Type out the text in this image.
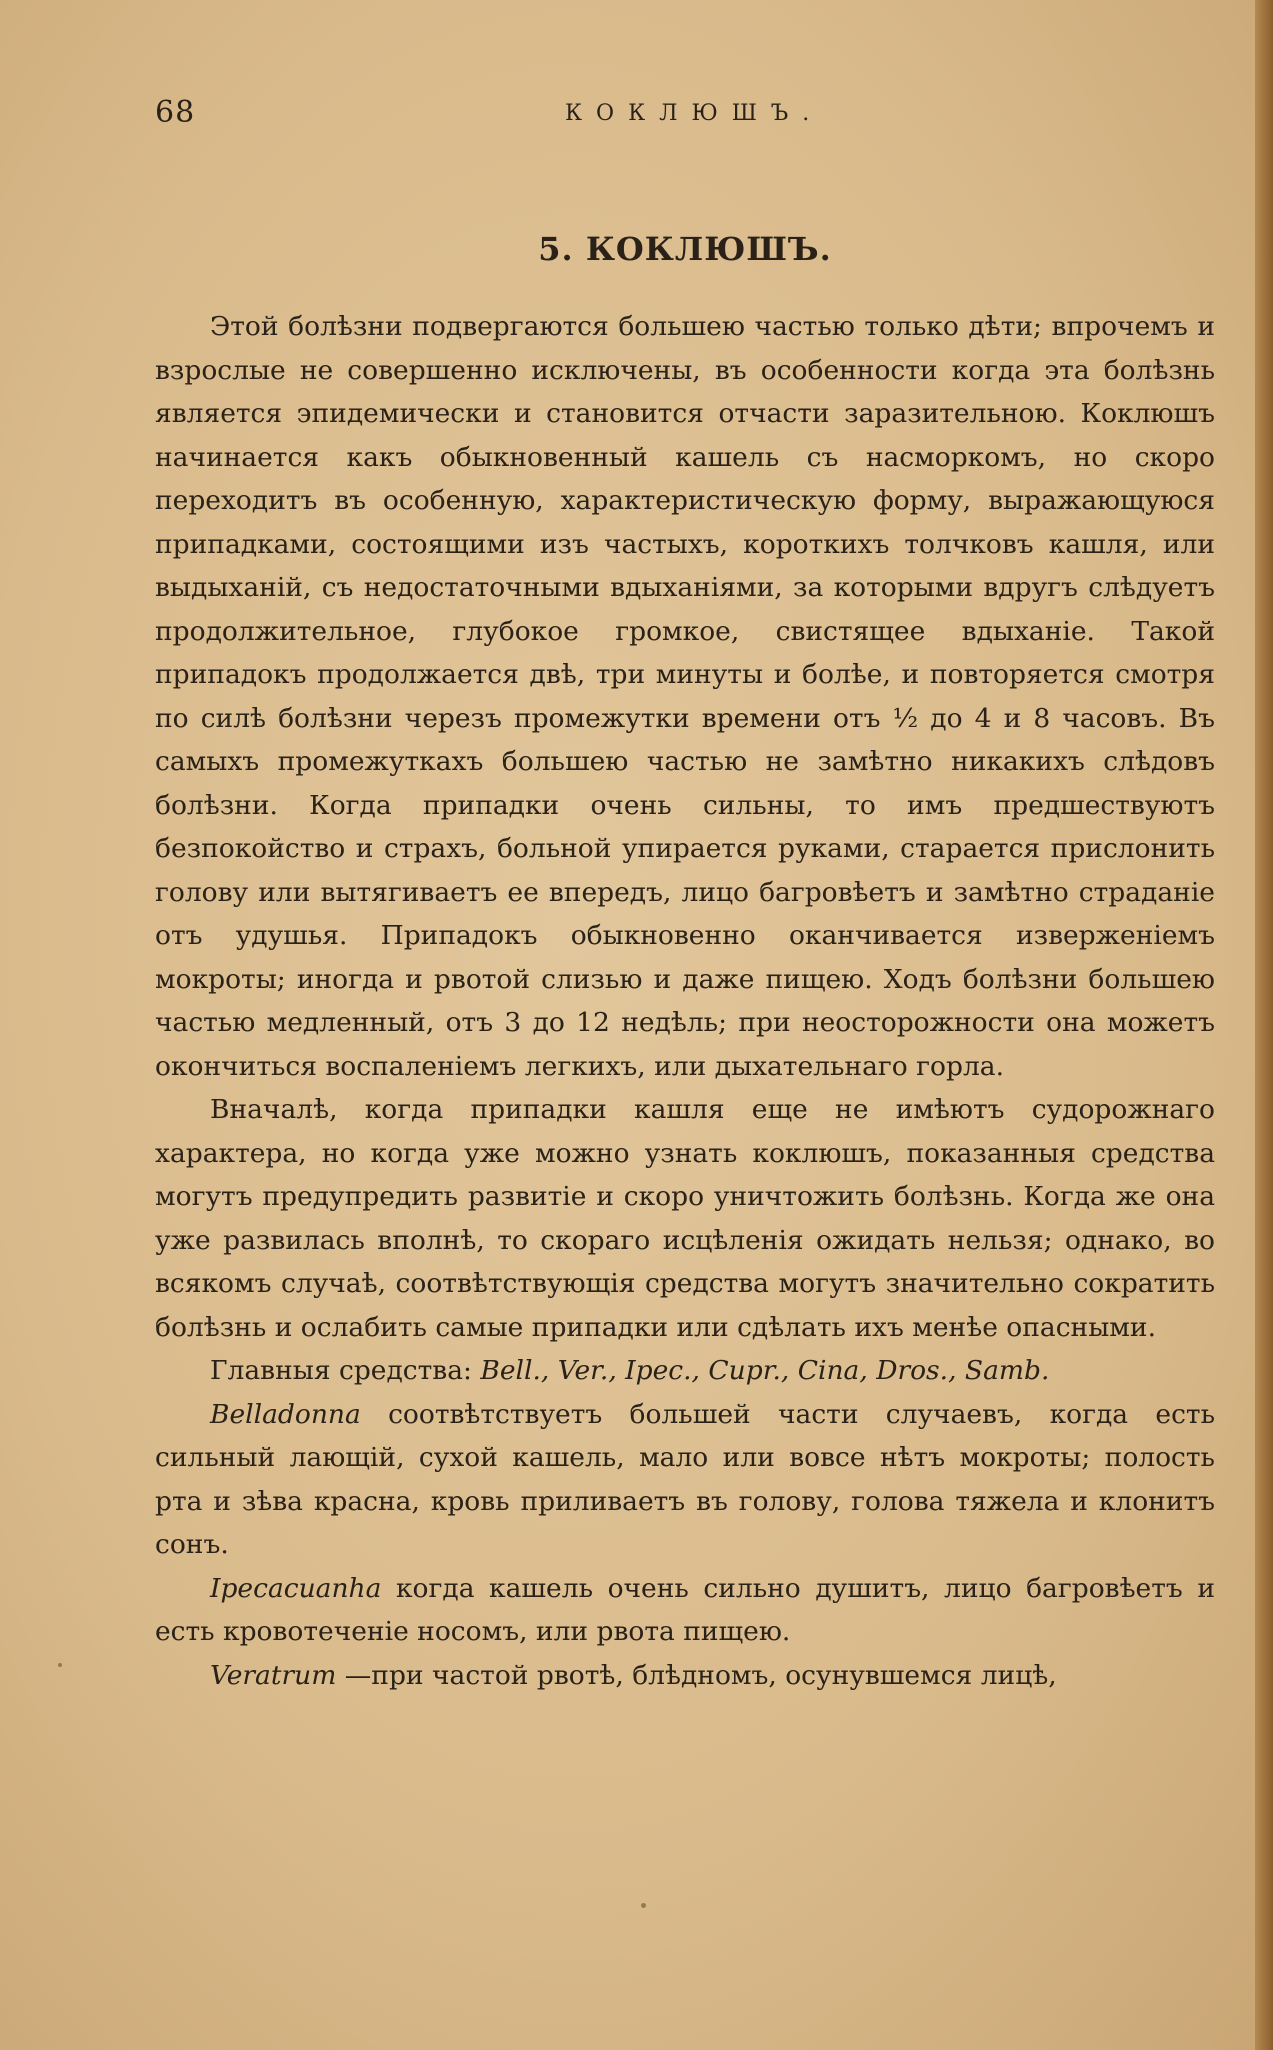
68	КОКЛЮШЪ.
5. КОКЛЮШЪ.

Этой болѣзни подвергаются большею частью только дѣти; впрочемъ и взрослые не совершенно исключены, въ особенности когда эта болѣзнь является эпидемически и становится отчасти заразительною. Коклюшъ начинается какъ обыкновенный кашель съ насморкомъ, но скоро переходитъ въ особенную, характеристическую форму, выражающуюся припадками, состоящими изъ частыхъ, короткихъ толчковъ кашля, или выдыханій, съ недостаточными вдыханіями, за которыми вдругъ слѣдуетъ продолжительное, глубокое громкое, свистящее вдыханіе. Такой припадокъ продолжается двѣ, три минуты и болѣе, и повторяется смотря по силѣ болѣзни черезъ промежутки времени отъ ½ до 4 и 8 часовъ. Въ самыхъ промежуткахъ большею частью не замѣтно никакихъ слѣдовъ болѣзни. Когда припадки очень сильны, то имъ предшествуютъ безпокойство и страхъ, больной упирается руками, старается прислонить голову или вытягиваетъ ее впередъ, лицо багровѣетъ и замѣтно страданіе отъ удушья. Припадокъ обыкновенно оканчивается изверженіемъ мокроты; иногда и рвотой слизью и даже пищею. Ходъ болѣзни большею частью медленный, отъ 3 до 12 недѣль; при неосторожности она можетъ окончиться воспаленіемъ легкихъ, или дыхательнаго горла.

Вначалѣ, когда припадки кашля еще не имѣютъ судорожнаго характера, но когда уже можно узнать коклюшъ, показанныя средства могутъ предупредить развитіе и скоро уничтожить болѣзнь. Когда же она уже развилась вполнѣ, то скораго исцѣленія ожидать нельзя; однако, во всякомъ случаѣ, соотвѣтствующія средства могутъ значительно сократить болѣзнь и ослабить самые припадки или сдѣлать ихъ менѣе опасными.

Главныя средства: Bell., Ver., Ipec., Cupr., Cina, Dros., Samb.

Belladonna соотвѣтствуетъ большей части случаевъ, когда есть сильный лающій, сухой кашель, мало или вовсе нѣтъ мокроты; полость рта и зѣва красна, кровь приливаетъ въ голову, голова тяжела и клонитъ сонъ.

Ipecacuanha когда кашель очень сильно душитъ, лицо багровѣетъ и есть кровотеченіе носомъ, или рвота пищею.

Veratrum —при частой рвотѣ, блѣдномъ, осунувшемся лицѣ,
